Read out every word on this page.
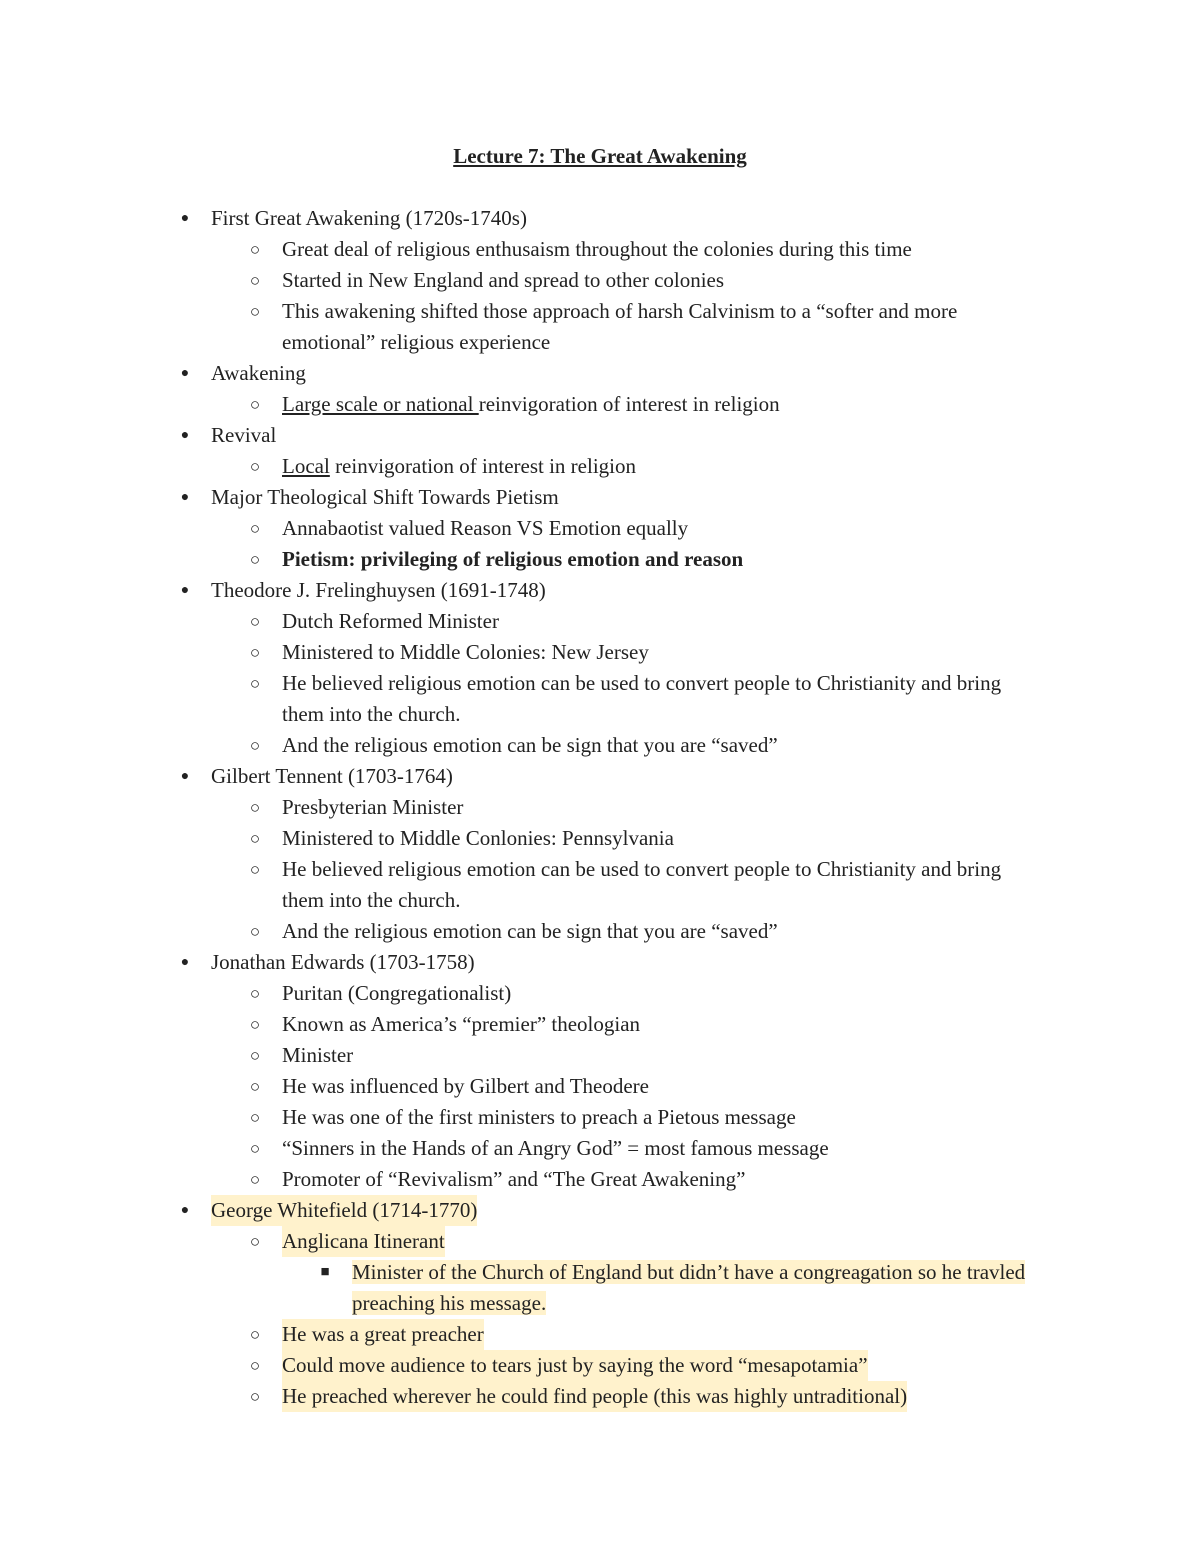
Lecture 7: The Great Awakening
● First Great Awakening (1720s-1740s)
○ Great deal of religious enthusaism throughout the colonies during this time
○ Started in New England and spread to other colonies
○ This awakening shifted those approach of harsh Calvinism to a “softer and more emotional” religious experience
● Awakening
○ Large scale or national reinvigoration of interest in religion
● Revival
○ Local reinvigoration of interest in religion
● Major Theological Shift Towards Pietism
○ Annabaotist valued Reason VS Emotion equally
○ Pietism: privileging of religious emotion and reason
● Theodore J. Frelinghuysen (1691-1748)
○ Dutch Reformed Minister
○ Ministered to Middle Colonies: New Jersey
○ He believed religious emotion can be used to convert people to Christianity and bring them into the church.
○ And the religious emotion can be sign that you are “saved”
● Gilbert Tennent (1703-1764)
○ Presbyterian Minister
○ Ministered to Middle Conlonies: Pennsylvania
○ He believed religious emotion can be used to convert people to Christianity and bring them into the church.
○ And the religious emotion can be sign that you are “saved”
● Jonathan Edwards (1703-1758)
○ Puritan (Congregationalist)
○ Known as America’s “premier” theologian
○ Minister
○ He was influenced by Gilbert and Theodere
○ He was one of the first ministers to preach a Pietous message
○ “Sinners in the Hands of an Angry God” = most famous message
○ Promoter of “Revivalism” and “The Great Awakening”
● George Whitefield (1714-1770)
○ Anglicana Itinerant
■ Minister of the Church of England but didn’t have a congreagation so he travled preaching his message.
○ He was a great preacher
○ Could move audience to tears just by saying the word “mesapotamia”
○ He preached wherever he could find people (this was highly untraditional)
